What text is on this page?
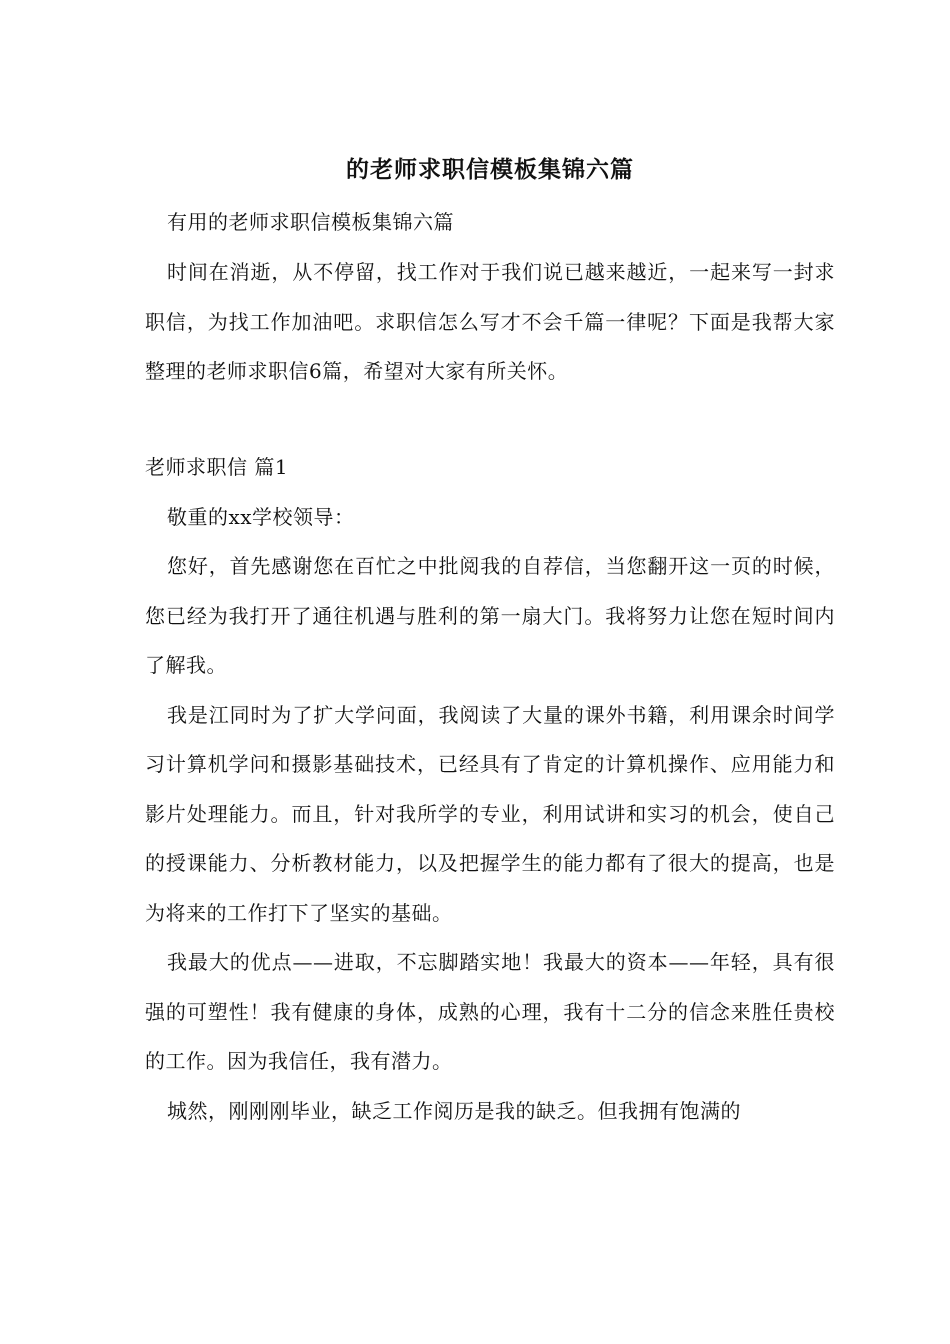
的老师求职信模板集锦六篇

有用的老师求职信模板集锦六篇

时间在消逝，从不停留，找工作对于我们说已越来越近，一起来写一封求职信，为找工作加油吧。求职信怎么写才不会千篇一律呢？下面是我帮大家整理的老师求职信6篇，希望对大家有所关怀。

老师求职信 篇1

敬重的xx学校领导：

您好，首先感谢您在百忙之中批阅我的自荐信，当您翻开这一页的时候，您已经为我打开了通往机遇与胜利的第一扇大门。我将努力让您在短时间内了解我。

我是江同时为了扩大学问面，我阅读了大量的课外书籍，利用课余时间学习计算机学问和摄影基础技术，已经具有了肯定的计算机操作、应用能力和影片处理能力。而且，针对我所学的专业，利用试讲和实习的机会，使自己的授课能力、分析教材能力，以及把握学生的能力都有了很大的提高，也是为将来的工作打下了坚实的基础。

我最大的优点——进取，不忘脚踏实地！我最大的资本——年轻，具有很强的可塑性！我有健康的身体，成熟的心理，我有十二分的信念来胜任贵校的工作。因为我信任，我有潜力。

城然，刚刚刚毕业，缺乏工作阅历是我的缺乏。但我拥有饱满的
